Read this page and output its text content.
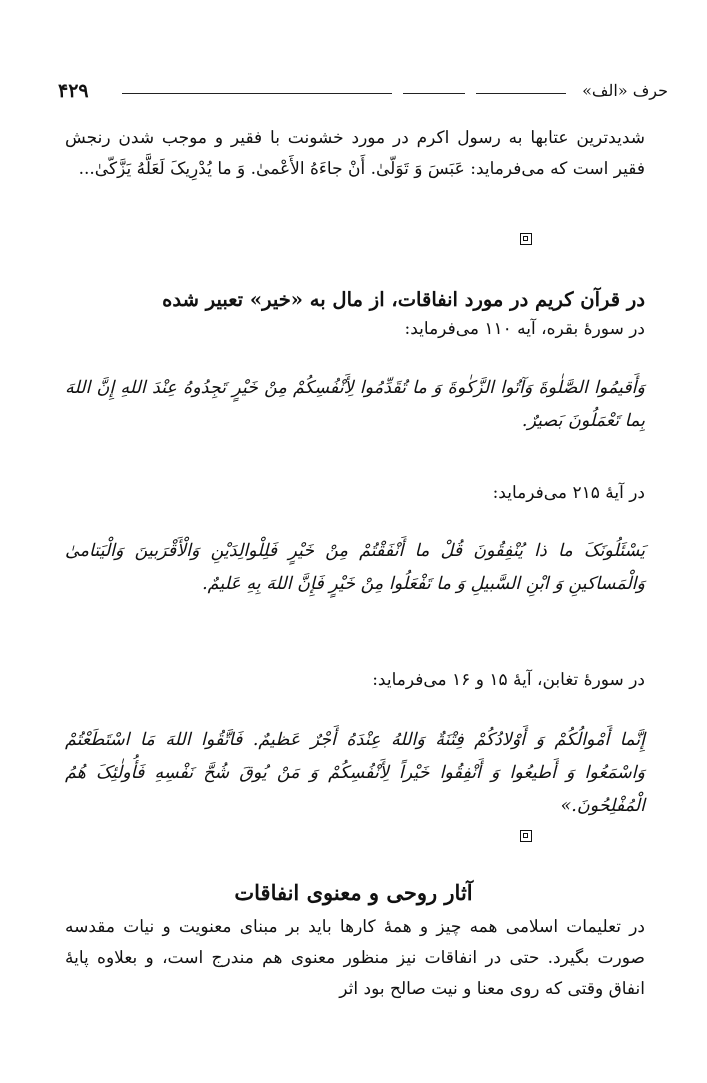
۴۲۹	حرف «الف»

شدیدترین عتابها به رسول اکرم در مورد خشونت با فقیر و موجب شدن رنجش فقیر است که می‌فرماید: عَبَسَ وَ تَوَلّیٰ. أَنْ جاءَهُ الأَعْمیٰ. وَ ما یُدْرِیکَ لَعَلَّهُ یَزَّکّیٰ...

در قرآن کریم در مورد انفاقات، از مال به «خیر» تعبیر شده

در سورهٔ بقره، آیه ۱۱۰ می‌فرماید:

وَأَقیمُوا الصَّلٰوةَ وَآتُوا الزَّکٰوةَ وَ ما تُقَدِّمُوا لِأَنْفُسِکُمْ مِنْ خَیْرٍ تَجِدُوهُ عِنْدَ اللهِ إِنَّ اللهَ بِما تَعْمَلُونَ بَصیرٌ.

در آیهٔ ۲۱۵ می‌فرماید:

یَسْئَلُونَکَ ما ذا یُنْفِقُونَ قُلْ ما أَنْفَقْتُمْ مِنْ خَیْرٍ فَلِلْوالِدَیْنِ وَالْأَقْرَبینَ وَالْیَتامیٰ وَالْمَساکینِ وَ ابْنِ السَّبیلِ وَ ما تَفْعَلُوا مِنْ خَیْرٍ فَإِنَّ اللهَ بِهِ عَلیمٌ.

در سورهٔ تغابن، آیهٔ ۱۵ و ۱۶ می‌فرماید:

إِنَّما أَمْوالُکُمْ وَ أَوْلادُکُمْ فِتْنَةٌ وَاللهُ عِنْدَهُ أَجْرٌ عَظیمٌ. فَاتَّقُوا اللهَ مَا اسْتَطَعْتُمْ وَاسْمَعُوا وَ أَطیعُوا وَ أَنْفِقُوا خَیْراً لِأَنْفُسِکُمْ وَ مَنْ یُوقَ شُحَّ نَفْسِهِ فَأُولٰئِکَ هُمُ الْمُفْلِحُونَ.»

آثار روحی و معنوی انفاقات

در تعلیمات اسلامی همه چیز و همهٔ کارها باید بر مبنای معنویت و نیات مقدسه صورت بگیرد. حتی در انفاقات نیز منظور معنوی هم مندرج است، و بعلاوه پایهٔ انفاق وقتی که روی معنا و نیت صالح بود اثر
